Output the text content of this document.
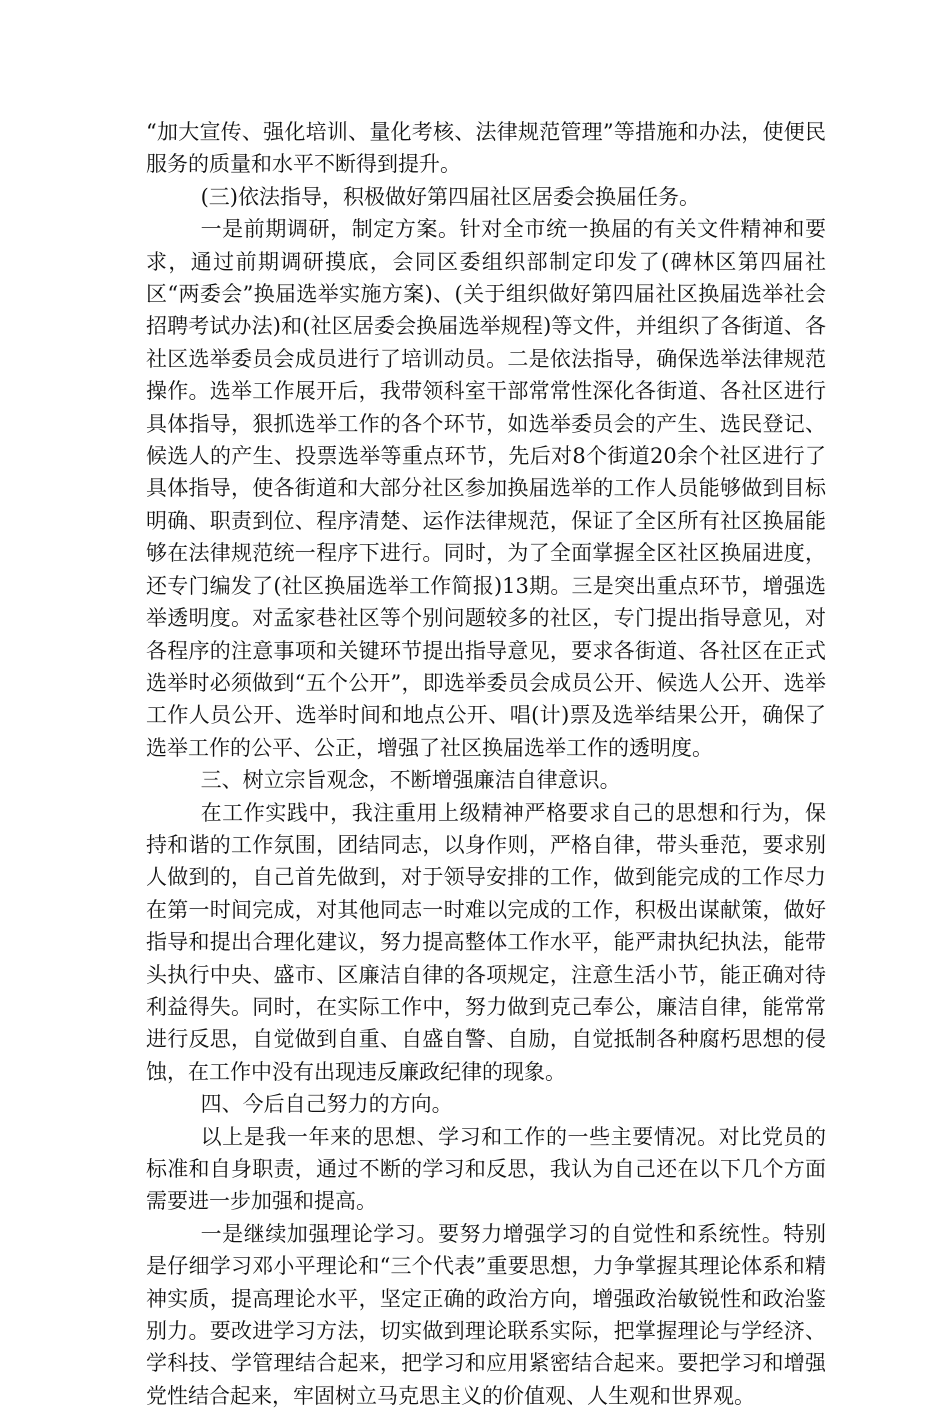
“加大宣传、强化培训、量化考核、法律规范管理”等措施和办法，使便民服务的质量和水平不断得到提升。

(三)依法指导，积极做好第四届社区居委会换届任务。

一是前期调研，制定方案。针对全市统一换届的有关文件精神和要求，通过前期调研摸底，会同区委组织部制定印发了(碑林区第四届社区“两委会”换届选举实施方案)、(关于组织做好第四届社区换届选举社会招聘考试办法)和(社区居委会换届选举规程)等文件，并组织了各街道、各社区选举委员会成员进行了培训动员。二是依法指导，确保选举法律规范操作。选举工作展开后，我带领科室干部常常性深化各街道、各社区进行具体指导，狠抓选举工作的各个环节，如选举委员会的产生、选民登记、候选人的产生、投票选举等重点环节，先后对8个街道20余个社区进行了具体指导，使各街道和大部分社区参加换届选举的工作人员能够做到目标明确、职责到位、程序清楚、运作法律规范，保证了全区所有社区换届能够在法律规范统一程序下进行。同时，为了全面掌握全区社区换届进度，还专门编发了(社区换届选举工作简报)13期。三是突出重点环节，增强选举透明度。对孟家巷社区等个别问题较多的社区，专门提出指导意见，对各程序的注意事项和关键环节提出指导意见，要求各街道、各社区在正式选举时必须做到“五个公开”，即选举委员会成员公开、候选人公开、选举工作人员公开、选举时间和地点公开、唱(计)票及选举结果公开，确保了选举工作的公平、公正，增强了社区换届选举工作的透明度。

三、树立宗旨观念，不断增强廉洁自律意识。

在工作实践中，我注重用上级精神严格要求自己的思想和行为，保持和谐的工作氛围，团结同志，以身作则，严格自律，带头垂范，要求别人做到的，自己首先做到，对于领导安排的工作，做到能完成的工作尽力在第一时间完成，对其他同志一时难以完成的工作，积极出谋献策，做好指导和提出合理化建议，努力提高整体工作水平，能严肃执纪执法，能带头执行中央、盛市、区廉洁自律的各项规定，注意生活小节，能正确对待利益得失。同时，在实际工作中，努力做到克己奉公，廉洁自律，能常常进行反思，自觉做到自重、自盛自警、自励，自觉抵制各种腐朽思想的侵蚀，在工作中没有出现违反廉政纪律的现象。

四、今后自己努力的方向。

以上是我一年来的思想、学习和工作的一些主要情况。对比党员的标准和自身职责，通过不断的学习和反思，我认为自己还在以下几个方面需要进一步加强和提高。

一是继续加强理论学习。要努力增强学习的自觉性和系统性。特别是仔细学习邓小平理论和“三个代表”重要思想，力争掌握其理论体系和精神实质，提高理论水平，坚定正确的政治方向，增强政治敏锐性和政治鉴别力。要改进学习方法，切实做到理论联系实际，把掌握理论与学经济、学科技、学管理结合起来，把学习和应用紧密结合起来。要把学习和增强党性结合起来，牢固树立马克思主义的价值观、人生观和世界观。
